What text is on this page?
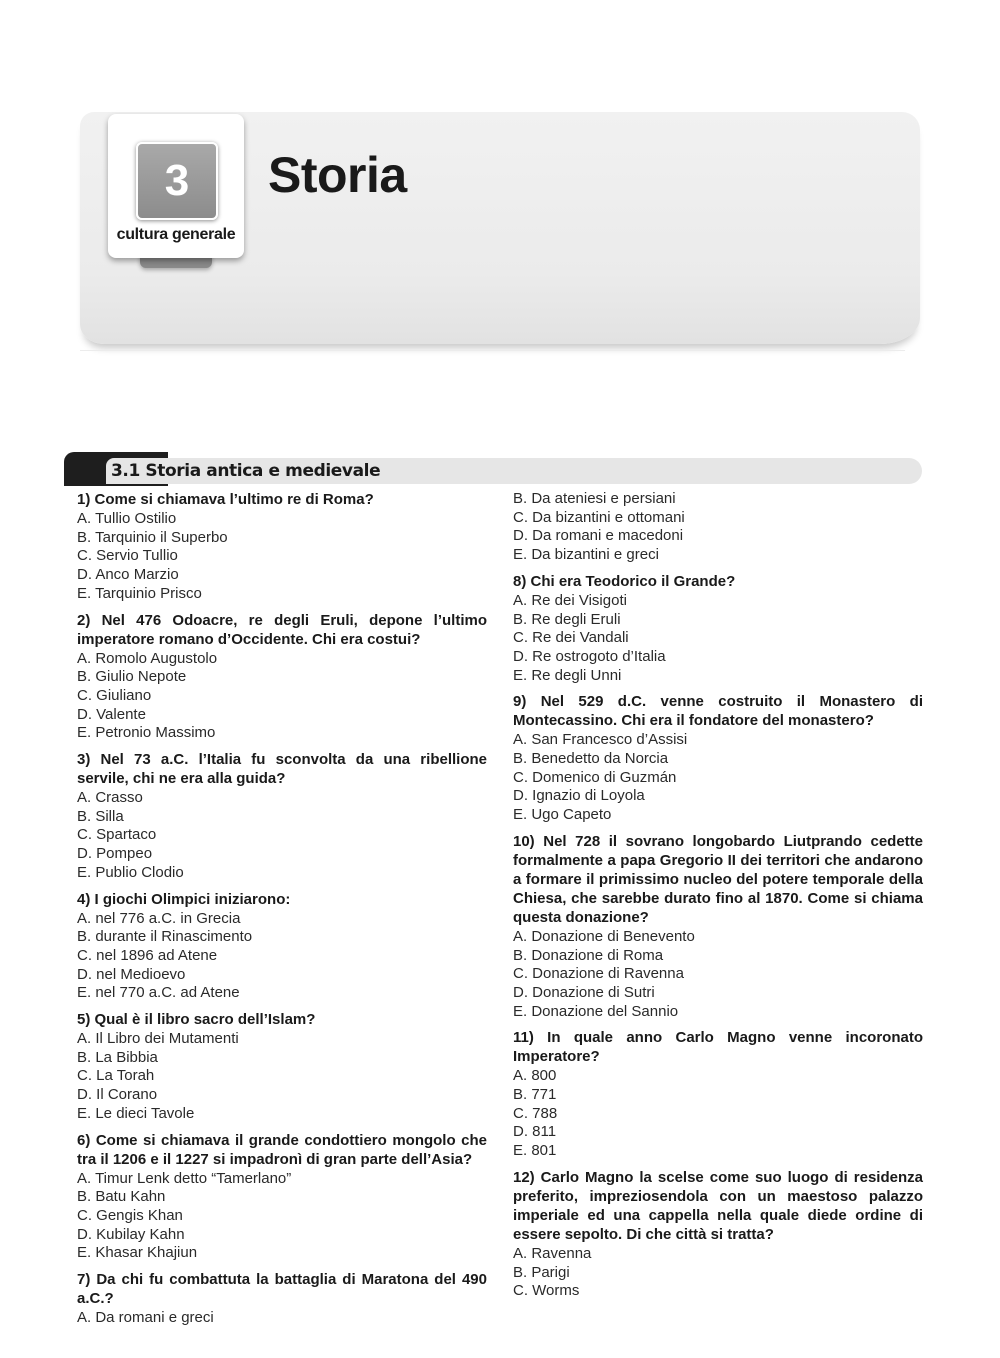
3
cultura generale
Storia
3.1 Storia antica e medievale
1) Come si chiamava l’ultimo re di Roma?
A. Tullio Ostilio
B. Tarquinio il Superbo
C. Servio Tullio
D. Anco Marzio
E. Tarquinio Prisco
2) Nel 476 Odoacre, re degli Eruli, depone l’ultimo imperatore romano d’Occidente. Chi era costui?
A. Romolo Augustolo
B. Giulio Nepote
C. Giuliano
D. Valente
E. Petronio Massimo
3) Nel 73 a.C. l’Italia fu sconvolta da una ribellione servile, chi ne era alla guida?
A. Crasso
B. Silla
C. Spartaco
D. Pompeo
E. Publio Clodio
4) I giochi Olimpici iniziarono:
A. nel 776 a.C. in Grecia
B. durante il Rinascimento
C. nel 1896 ad Atene
D. nel Medioevo
E. nel 770 a.C. ad Atene
5) Qual è il libro sacro dell’Islam?
A. Il Libro dei Mutamenti
B. La Bibbia
C. La Torah
D. Il Corano
E. Le dieci Tavole
6) Come si chiamava il grande condottiero mongolo che tra il 1206 e il 1227 si impadronì di gran parte dell’Asia?
A. Timur Lenk detto “Tamerlano”
B. Batu Kahn
C. Gengis Khan
D. Kubilay Kahn
E. Khasar Khajiun
7) Da chi fu combattuta la battaglia di Maratona del 490 a.C.?
A. Da romani e greci
B. Da ateniesi e persiani
C. Da bizantini e ottomani
D. Da romani e macedoni
E. Da bizantini e greci
8) Chi era Teodorico il Grande?
A. Re dei Visigoti
B. Re degli Eruli
C. Re dei Vandali
D. Re ostrogoto d’Italia
E. Re degli Unni
9) Nel 529 d.C. venne costruito il Monastero di Montecassino. Chi era il fondatore del monastero?
A. San Francesco d’Assisi
B. Benedetto da Norcia
C. Domenico di Guzmán
D. Ignazio di Loyola
E. Ugo Capeto
10) Nel 728 il sovrano longobardo Liutprando cedette formalmente a papa Gregorio II dei territori che andarono a formare il primissimo nucleo del potere temporale della Chiesa, che sarebbe durato fino al 1870. Come si chiama questa donazione?
A. Donazione di Benevento
B. Donazione di Roma
C. Donazione di Ravenna
D. Donazione di Sutri
E. Donazione del Sannio
11) In quale anno Carlo Magno venne incoronato Imperatore?
A. 800
B. 771
C. 788
D. 811
E. 801
12) Carlo Magno la scelse come suo luogo di residenza preferito, impreziosendola con un maestoso palazzo imperiale ed una cappella nella quale diede ordine di essere sepolto. Di che città si tratta?
A. Ravenna
B. Parigi
C. Worms
